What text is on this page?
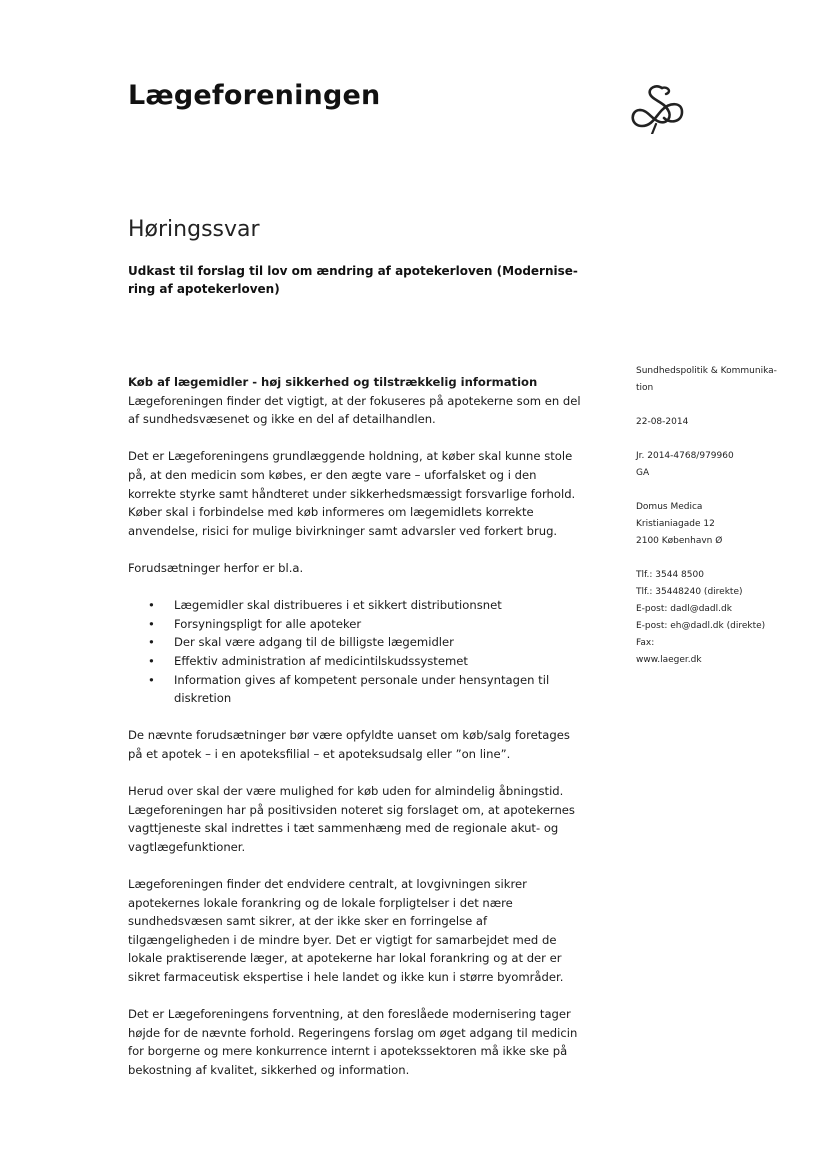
Lægeforeningen
Høringssvar
Udkast til forslag til lov om ændring af apotekerloven (Modernise-
ring af apotekerloven)

Køb af lægemidler - høj sikkerhed og tilstrækkelig information

Lægeforeningen finder det vigtigt, at der fokuseres på apotekerne som en del af sundhedsvæsenet og ikke en del af detailhandlen.

Det er Lægeforeningens grundlæggende holdning, at køber skal kunne stole på, at den medicin som købes, er den ægte vare – uforfalsket og i den korrekte styrke samt håndteret under sikkerhedsmæssigt forsvarlige forhold. Køber skal i forbindelse med køb informeres om lægemidlets korrekte anvendelse, risici for mulige bivirkninger samt advarsler ved forkert brug.

Forudsætninger herfor er bl.a.

• Lægemidler skal distribueres i et sikkert distributionsnet
• Forsyningspligt for alle apoteker
• Der skal være adgang til de billigste lægemidler
• Effektiv administration af medicintilskudssystemet
• Information gives af kompetent personale under hensyntagen til diskretion

De nævnte forudsætninger bør være opfyldte uanset om køb/salg foretages på et apotek – i en apoteksfilial – et apoteksudsalg eller ”on line”.

Herud over skal der være mulighed for køb uden for almindelig åbningstid. Lægeforeningen har på positivsiden noteret sig forslaget om, at apotekernes vagttjeneste skal indrettes i tæt sammenhæng med de regionale akut- og vagtlægefunktioner.

Lægeforeningen finder det endvidere centralt, at lovgivningen sikrer apotekernes lokale forankring og de lokale forpligtelser i det nære sundhedsvæsen samt sikrer, at der ikke sker en forringelse af tilgængeligheden i de mindre byer. Det er vigtigt for samarbejdet med de lokale praktiserende læger, at apotekerne har lokal forankring og at der er sikret farmaceutisk ekspertise i hele landet og ikke kun i større byområder.

Det er Lægeforeningens forventning, at den foreslåede modernisering tager højde for de nævnte forhold. Regeringens forslag om øget adgang til medicin for borgerne og mere konkurrence internt i apotekssektoren må ikke ske på bekostning af kvalitet, sikkerhed og information.

Sundhedspolitik & Kommunika-
tion
22-08-2014
Jr. 2014-4768/979960
GA
Domus Medica
Kristianiagade 12
2100 København Ø
Tlf.: 3544 8500
Tlf.: 35448240 (direkte)
E-post: dadl@dadl.dk
E-post: eh@dadl.dk (direkte)
Fax:
www.laeger.dk
